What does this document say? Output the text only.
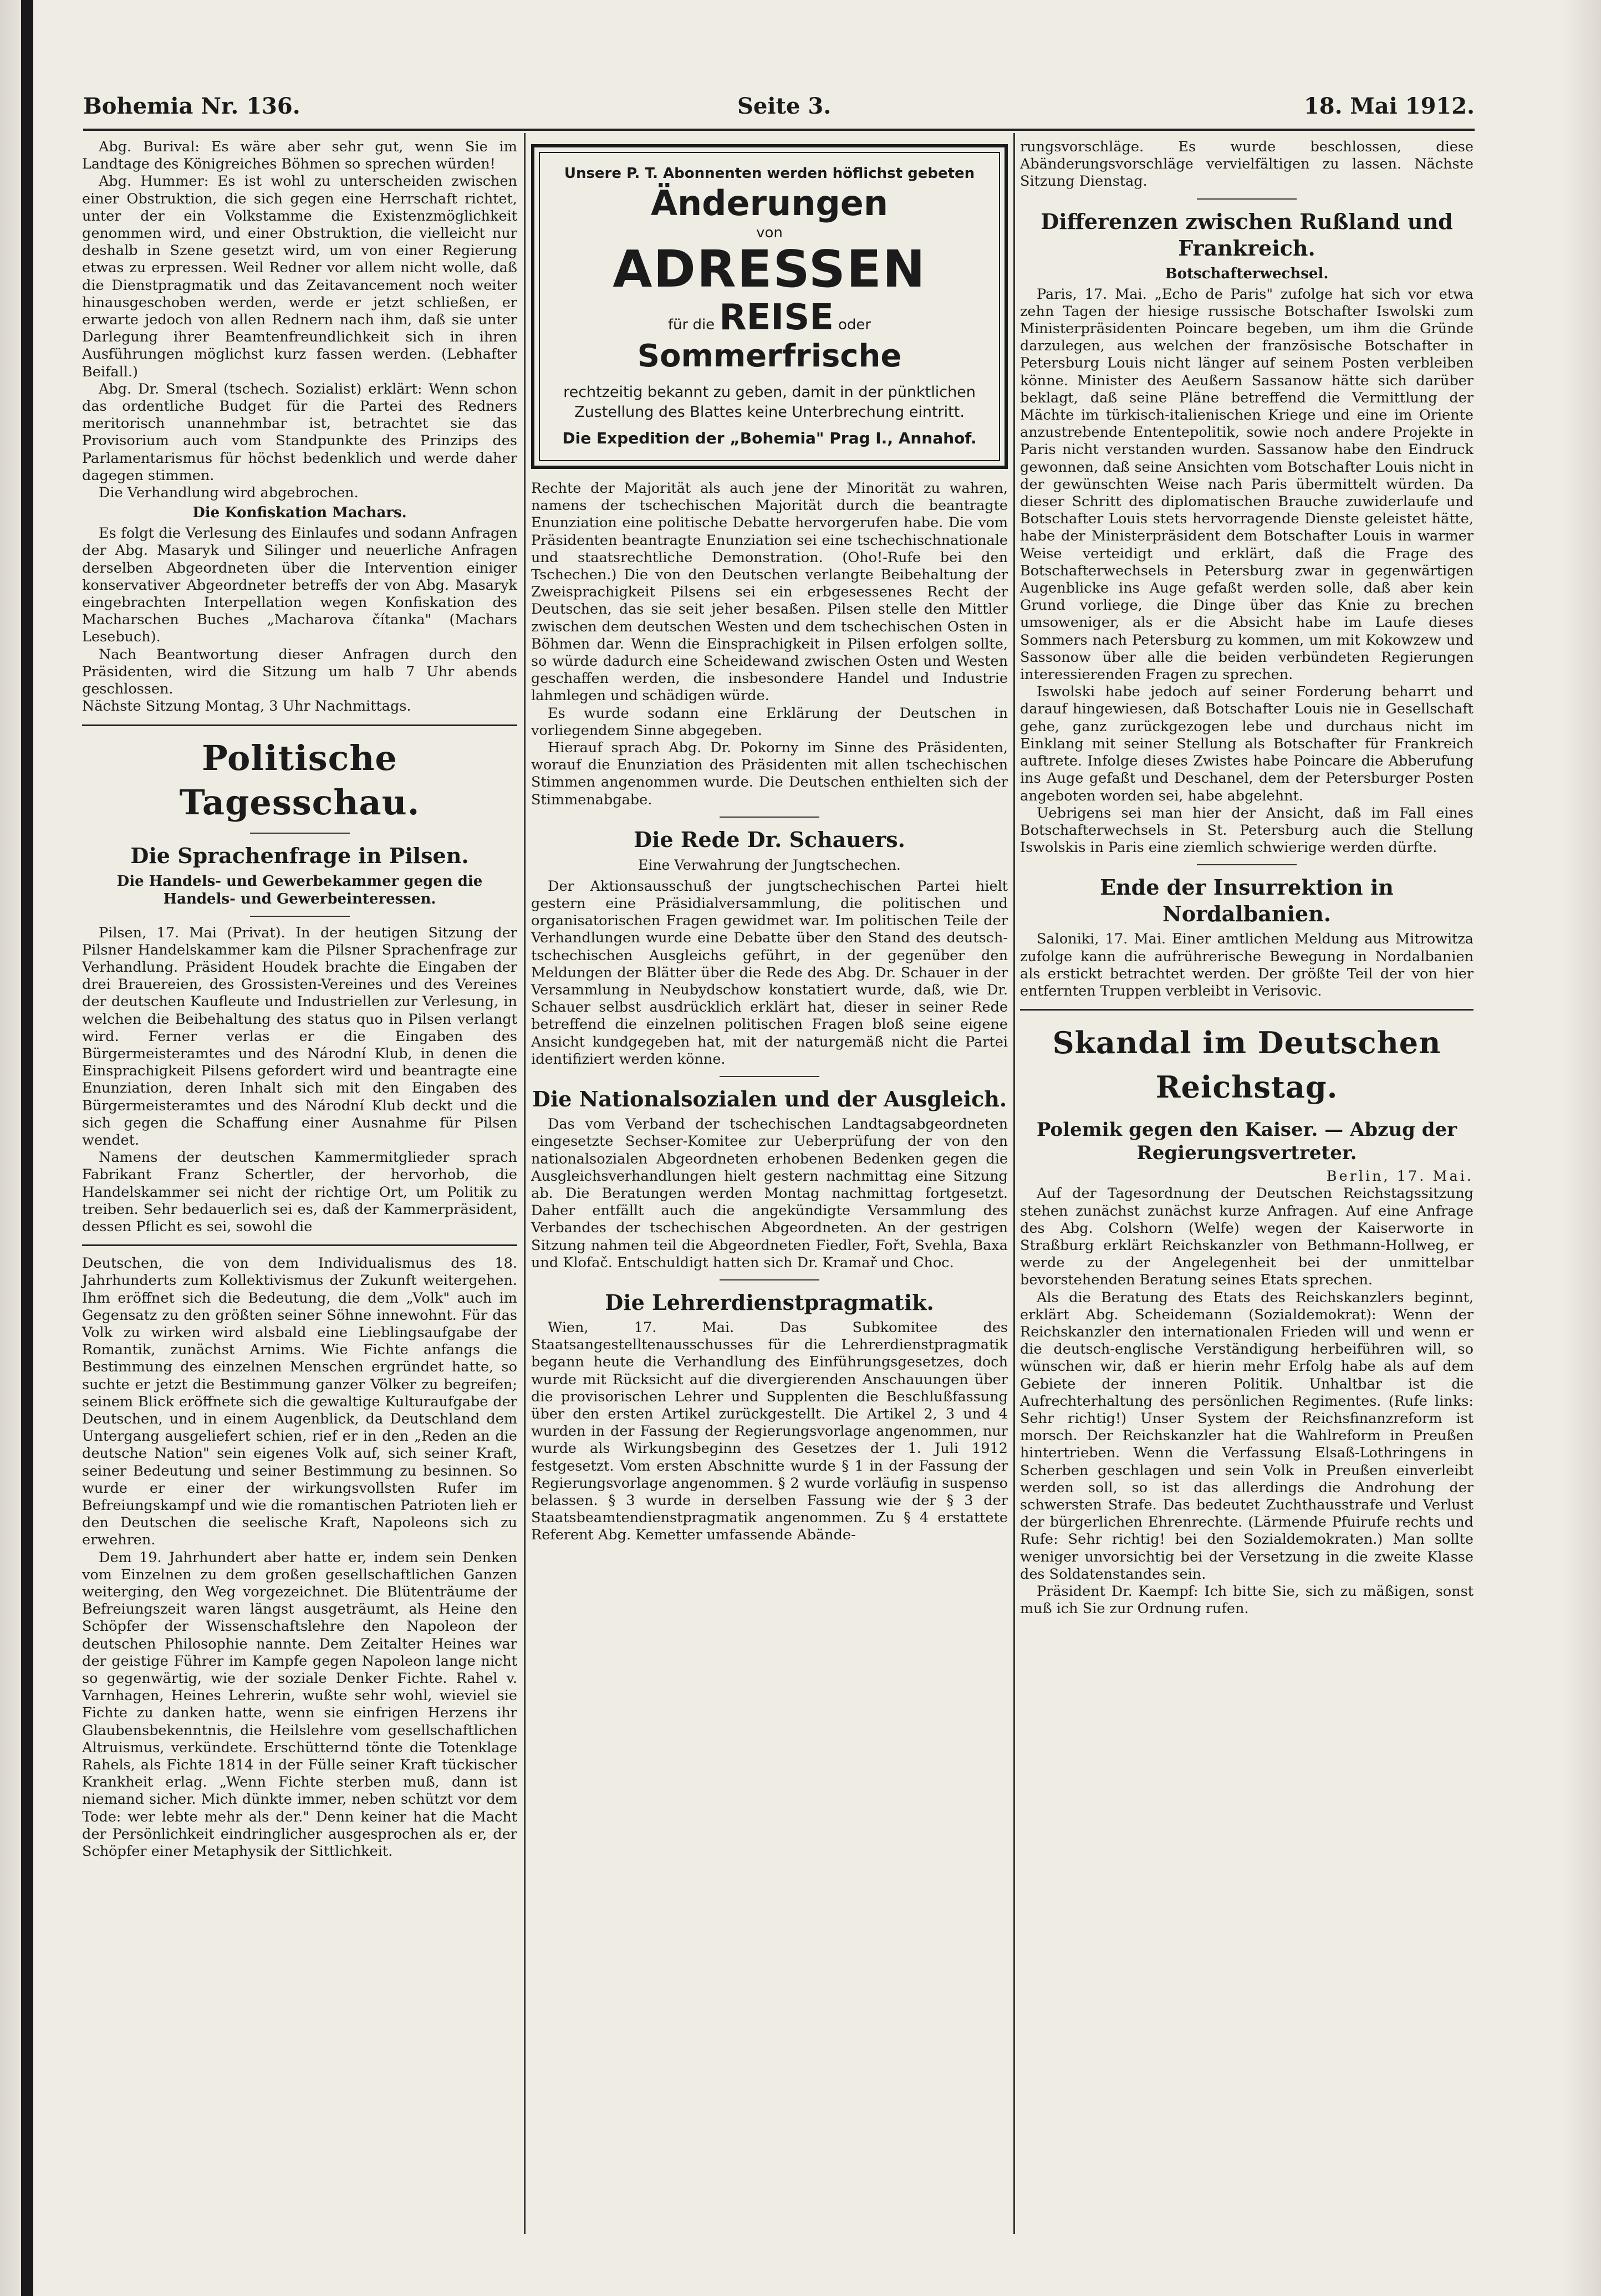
Bohemia Nr. 136.	Seite 3.	18. Mai 1912.

Abg. Burival: Es wäre aber sehr gut, wenn Sie im Landtage des Königreiches Böhmen so sprechen würden!

Abg. Hummer: Es ist wohl zu unterscheiden zwischen einer Obstruktion, die sich gegen eine Herrschaft richtet, unter der ein Volkstamme die Existenzmöglichkeit genommen wird, und einer Obstruktion, die vielleicht nur deshalb in Szene gesetzt wird, um von einer Regierung etwas zu erpressen. Weil Redner vor allem nicht wolle, daß die Dienstpragmatik und das Zeitavancement noch weiter hinausgeschoben werden, werde er jetzt schließen, er erwarte jedoch von allen Rednern nach ihm, daß sie unter Darlegung ihrer Beamtenfreundlichkeit sich in ihren Ausführungen möglichst kurz fassen werden. (Lebhafter Beifall.)

Abg. Dr. Smeral (tschech. Sozialist) erklärt: Wenn schon das ordentliche Budget für die Partei des Redners meritorisch unannehmbar ist, betrachtet sie das Provisorium auch vom Standpunkte des Prinzips des Parlamentarismus für höchst bedenklich und werde daher dagegen stimmen.

Die Verhandlung wird abgebrochen.

Die Konfiskation Machars.

Es folgt die Verlesung des Einlaufes und sodann Anfragen der Abg. Masaryk und Silinger und neuerliche Anfragen derselben Abgeordneten über die Intervention einiger konservativer Abgeordneter betreffs der von Abg. Masaryk eingebrachten Interpellation wegen Konfiskation des Macharschen Buches „Macharova čítanka" (Machars Lesebuch).

Nach Beantwortung dieser Anfragen durch den Präsidenten, wird die Sitzung um halb 7 Uhr abends geschlossen.

Nächste Sitzung Montag, 3 Uhr Nachmittags.

Politische Tagesschau.
Die Sprachenfrage in Pilsen.
Die Handels- und Gewerbekammer gegen die Handels- und Gewerbeinteressen.

Pilsen, 17. Mai (Privat). In der heutigen Sitzung der Pilsner Handelskammer kam die Pilsner Sprachenfrage zur Verhandlung. Präsident Houdek brachte die Eingaben der drei Brauereien, des Grossisten-Vereines und des Vereines der deutschen Kaufleute und Industriellen zur Verlesung, in welchen die Beibehaltung des status quo in Pilsen verlangt wird. Ferner verlas er die Eingaben des Bürgermeisteramtes und des Národní Klub, in denen die Einsprachigkeit Pilsens gefordert wird und beantragte eine Enunziation, deren Inhalt sich mit den Eingaben des Bürgermeisteramtes und des Národní Klub deckt und die sich gegen die Schaffung einer Ausnahme für Pilsen wendet.

Namens der deutschen Kammermitglieder sprach Fabrikant Franz Schertler, der hervorhob, die Handelskammer sei nicht der richtige Ort, um Politik zu treiben. Sehr bedauerlich sei es, daß der Kammerpräsident, dessen Pflicht es sei, sowohl die

Deutschen, die von dem Individualismus des 18. Jahrhunderts zum Kollektivismus der Zukunft weitergehen. Ihm eröffnet sich die Bedeutung, die dem „Volk" auch im Gegensatz zu den größten seiner Söhne innewohnt. Für das Volk zu wirken wird alsbald eine Lieblingsaufgabe der Romantik, zunächst Arnims. Wie Fichte anfangs die Bestimmung des einzelnen Menschen ergründet hatte, so suchte er jetzt die Bestimmung ganzer Völker zu begreifen; seinem Blick eröffnete sich die gewaltige Kulturaufgabe der Deutschen, und in einem Augenblick, da Deutschland dem Untergang ausgeliefert schien, rief er in den „Reden an die deutsche Nation" sein eigenes Volk auf, sich seiner Kraft, seiner Bedeutung und seiner Bestimmung zu besinnen. So wurde er einer der wirkungsvollsten Rufer im Befreiungskampf und wie die romantischen Patrioten lieh er den Deutschen die seelische Kraft, Napoleons sich zu erwehren.

Dem 19. Jahrhundert aber hatte er, indem sein Denken vom Einzelnen zu dem großen gesellschaftlichen Ganzen weiterging, den Weg vorgezeichnet. Die Blütenträume der Befreiungszeit waren längst ausgeträumt, als Heine den Schöpfer der Wissenschaftslehre den Napoleon der deutschen Philosophie nannte. Dem Zeitalter Heines war der geistige Führer im Kampfe gegen Napoleon lange nicht so gegenwärtig, wie der soziale Denker Fichte. Rahel v. Varnhagen, Heines Lehrerin, wußte sehr wohl, wieviel sie Fichte zu danken hatte, wenn sie einfrigen Herzens ihr Glaubensbekenntnis, die Heilslehre vom gesellschaftlichen Altruismus, verkündete. Erschütternd tönte die Totenklage Rahels, als Fichte 1814 in der Fülle seiner Kraft tückischer Krankheit erlag. „Wenn Fichte sterben muß, dann ist niemand sicher. Mich dünkte immer, neben schützt vor dem Tode: wer lebte mehr als der." Denn keiner hat die Macht der Persönlichkeit eindringlicher ausgesprochen als er, der Schöpfer einer Metaphysik der Sittlichkeit.

Unsere P. T. Abonnenten werden höflichst gebeten
Änderungen
von
ADRESSEN
für die REISE oder
Sommerfrische
rechtzeitig bekannt zu geben, damit in der pünktlichen Zustellung des Blattes keine Unterbrechung eintritt.
Die Expedition der „Bohemia" Prag I., Annahof.

Rechte der Majorität als auch jene der Minorität zu wahren, namens der tschechischen Majorität durch die beantragte Enunziation eine politische Debatte hervorgerufen habe. Die vom Präsidenten beantragte Enunziation sei eine tschechischnationale und staatsrechtliche Demonstration. (Oho!-Rufe bei den Tschechen.) Die von den Deutschen verlangte Beibehaltung der Zweisprachigkeit Pilsens sei ein erbgesessenes Recht der Deutschen, das sie seit jeher besaßen. Pilsen stelle den Mittler zwischen dem deutschen Westen und dem tschechischen Osten in Böhmen dar. Wenn die Einsprachigkeit in Pilsen erfolgen sollte, so würde dadurch eine Scheidewand zwischen Osten und Westen geschaffen werden, die insbesondere Handel und Industrie lahmlegen und schädigen würde.

Es wurde sodann eine Erklärung der Deutschen in vorliegendem Sinne abgegeben.

Hierauf sprach Abg. Dr. Pokorny im Sinne des Präsidenten, worauf die Enunziation des Präsidenten mit allen tschechischen Stimmen angenommen wurde. Die Deutschen enthielten sich der Stimmenabgabe.

Die Rede Dr. Schauers.
Eine Verwahrung der Jungtschechen.

Der Aktionsausschuß der jungtschechischen Partei hielt gestern eine Präsidialversammlung, die politischen und organisatorischen Fragen gewidmet war. Im politischen Teile der Verhandlungen wurde eine Debatte über den Stand des deutsch-tschechischen Ausgleichs geführt, in der gegenüber den Meldungen der Blätter über die Rede des Abg. Dr. Schauer in der Versammlung in Neubydschow konstatiert wurde, daß, wie Dr. Schauer selbst ausdrücklich erklärt hat, dieser in seiner Rede betreffend die einzelnen politischen Fragen bloß seine eigene Ansicht kundgegeben hat, mit der naturgemäß nicht die Partei identifiziert werden könne.

Die Nationalsozialen und der Ausgleich.

Das vom Verband der tschechischen Landtagsabgeordneten eingesetzte Sechser-Komitee zur Ueberprüfung der von den nationalsozialen Abgeordneten erhobenen Bedenken gegen die Ausgleichsverhandlungen hielt gestern nachmittag eine Sitzung ab. Die Beratungen werden Montag nachmittag fortgesetzt. Daher entfällt auch die angekündigte Versammlung des Verbandes der tschechischen Abgeordneten. An der gestrigen Sitzung nahmen teil die Abgeordneten Fiedler, Fořt, Svehla, Baxa und Klofač. Entschuldigt hatten sich Dr. Kramař und Choc.

Die Lehrerdienstpragmatik.

Wien, 17. Mai. Das Subkomitee des Staatsangestelltenausschusses für die Lehrerdienstpragmatik begann heute die Verhandlung des Einführungsgesetzes, doch wurde mit Rücksicht auf die divergierenden Anschauungen über die provisorischen Lehrer und Supplenten die Beschlußfassung über den ersten Artikel zurückgestellt. Die Artikel 2, 3 und 4 wurden in der Fassung der Regierungsvorlage angenommen, nur wurde als Wirkungsbeginn des Gesetzes der 1. Juli 1912 festgesetzt. Vom ersten Abschnitte wurde § 1 in der Fassung der Regierungsvorlage angenommen. § 2 wurde vorläufig in suspenso belassen. § 3 wurde in derselben Fassung wie der § 3 der Staatsbeamtendienstpragmatik angenommen. Zu § 4 erstattete Referent Abg. Kemetter umfassende Abände-

rungsvorschläge. Es wurde beschlossen, diese Abänderungsvorschläge vervielfältigen zu lassen. Nächste Sitzung Dienstag.

Differenzen zwischen Rußland und Frankreich.
Botschafterwechsel.

Paris, 17. Mai. „Echo de Paris" zufolge hat sich vor etwa zehn Tagen der hiesige russische Botschafter Iswolski zum Ministerpräsidenten Poincare begeben, um ihm die Gründe darzulegen, aus welchen der französische Botschafter in Petersburg Louis nicht länger auf seinem Posten verbleiben könne. Minister des Aeußern Sassanow hätte sich darüber beklagt, daß seine Pläne betreffend die Vermittlung der Mächte im türkisch-italienischen Kriege und eine im Oriente anzustrebende Ententepolitik, sowie noch andere Projekte in Paris nicht verstanden wurden. Sassanow habe den Eindruck gewonnen, daß seine Ansichten vom Botschafter Louis nicht in der gewünschten Weise nach Paris übermittelt würden. Da dieser Schritt des diplomatischen Brauche zuwiderlaufe und Botschafter Louis stets hervorragende Dienste geleistet hätte, habe der Ministerpräsident dem Botschafter Louis in warmer Weise verteidigt und erklärt, daß die Frage des Botschafterwechsels in Petersburg zwar in gegenwärtigen Augenblicke ins Auge gefaßt werden solle, daß aber kein Grund vorliege, die Dinge über das Knie zu brechen umsoweniger, als er die Absicht habe im Laufe dieses Sommers nach Petersburg zu kommen, um mit Kokowzew und Sassonow über alle die beiden verbündeten Regierungen interessierenden Fragen zu sprechen.

Iswolski habe jedoch auf seiner Forderung beharrt und darauf hingewiesen, daß Botschafter Louis nie in Gesellschaft gehe, ganz zurückgezogen lebe und durchaus nicht im Einklang mit seiner Stellung als Botschafter für Frankreich auftrete. Infolge dieses Zwistes habe Poincare die Abberufung ins Auge gefaßt und Deschanel, dem der Petersburger Posten angeboten worden sei, habe abgelehnt.

Uebrigens sei man hier der Ansicht, daß im Fall eines Botschafterwechsels in St. Petersburg auch die Stellung Iswolskis in Paris eine ziemlich schwierige werden dürfte.

Ende der Insurrektion in Nordalbanien.

Saloniki, 17. Mai. Einer amtlichen Meldung aus Mitrowitza zufolge kann die aufrührerische Bewegung in Nordalbanien als erstickt betrachtet werden. Der größte Teil der von hier entfernten Truppen verbleibt in Verisovic.

Skandal im Deutschen Reichstag.
Polemik gegen den Kaiser. — Abzug der Regierungsvertreter.
Berlin, 17. Mai.

Auf der Tagesordnung der Deutschen Reichstagssitzung stehen zunächst zunächst kurze Anfragen. Auf eine Anfrage des Abg. Colshorn (Welfe) wegen der Kaiserworte in Straßburg erklärt Reichskanzler von Bethmann-Hollweg, er werde zu der Angelegenheit bei der unmittelbar bevorstehenden Beratung seines Etats sprechen.

Als die Beratung des Etats des Reichskanzlers beginnt, erklärt Abg. Scheidemann (Sozialdemokrat): Wenn der Reichskanzler den internationalen Frieden will und wenn er die deutsch-englische Verständigung herbeiführen will, so wünschen wir, daß er hierin mehr Erfolg habe als auf dem Gebiete der inneren Politik. Unhaltbar ist die Aufrechterhaltung des persönlichen Regimentes. (Rufe links: Sehr richtig!) Unser System der Reichsfinanzreform ist morsch. Der Reichskanzler hat die Wahlreform in Preußen hintertrieben. Wenn die Verfassung Elsaß-Lothringens in Scherben geschlagen und sein Volk in Preußen einverleibt werden soll, so ist das allerdings die Androhung der schwersten Strafe. Das bedeutet Zuchthausstrafe und Verlust der bürgerlichen Ehrenrechte. (Lärmende Pfuirufe rechts und Rufe: Sehr richtig! bei den Sozialdemokraten.) Man sollte weniger unvorsichtig bei der Versetzung in die zweite Klasse des Soldatenstandes sein.

Präsident Dr. Kaempf: Ich bitte Sie, sich zu mäßigen, sonst muß ich Sie zur Ordnung rufen.
